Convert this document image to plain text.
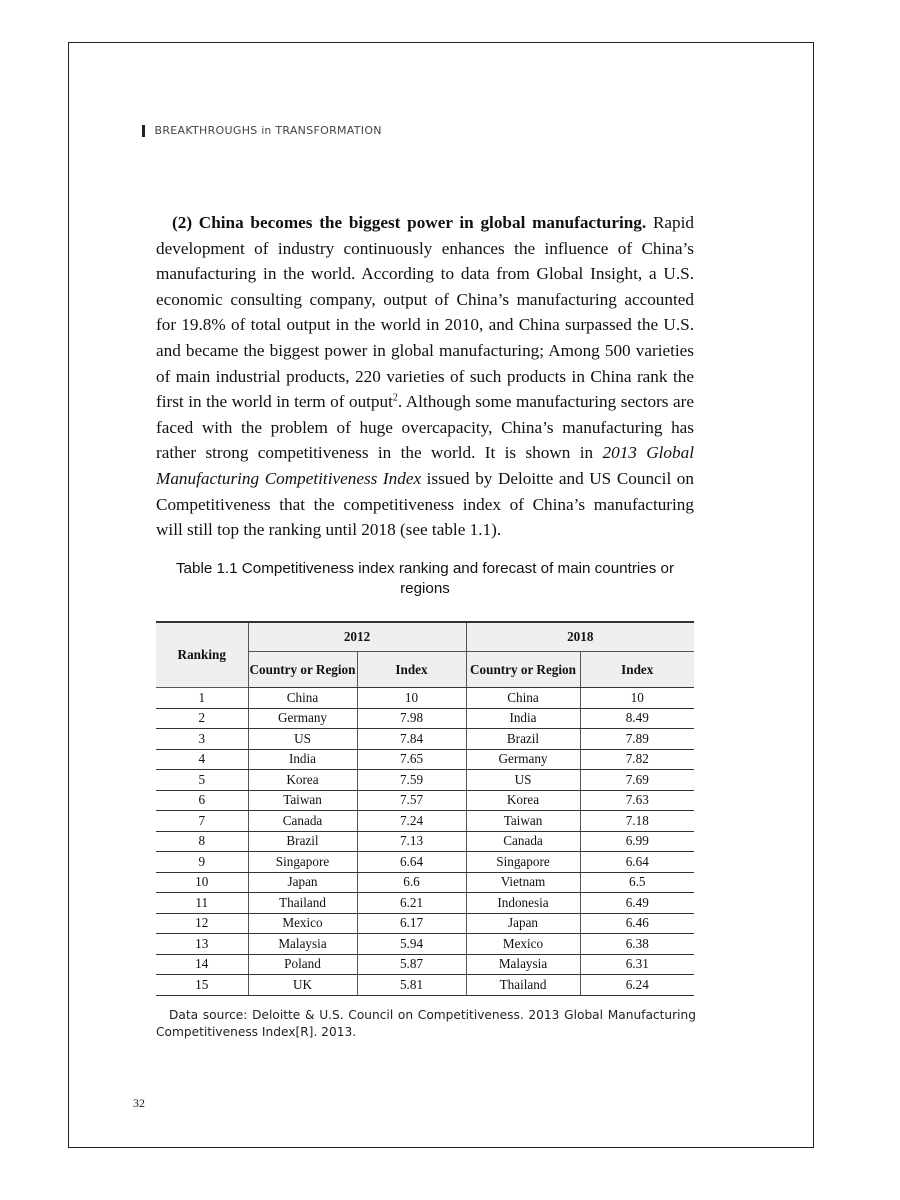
BREAKTHROUGHS
in
TRANSFORMATION

(2) China becomes the biggest power in global manufacturing. Rapid development of industry continuously enhances the influence of China’s manufacturing in the world. According to data from Global Insight, a U.S. economic consulting company, output of China’s manufacturing accounted for 19.8% of total output in the world in 2010, and China surpassed the U.S. and became the biggest power in global manufacturing; Among 500 varieties of main industrial products, 220 varieties of such products in China rank the first in the world in term of output$^2$. Although some manufacturing sectors are faced with the problem of huge overcapacity, China’s manufacturing has rather strong competitiveness in the world. It is shown in 2013 Global Manufacturing Competitiveness Index issued by Deloitte and US Council on Competitiveness that the competitiveness index of China’s manufacturing will still top the ranking until 2018 (see table 1.1).

Table 1.1 Competitiveness index ranking and forecast of main countries or
regions
Ranking	2012		2018	
	Country or Region	Index	Country or Region	Index
1	China	10	China	10
2	Germany	7.98	India	8.49
3	US	7.84	Brazil	7.89
4	India	7.65	Germany	7.82
5	Korea	7.59	US	7.69
6	Taiwan	7.57	Korea	7.63
7	Canada	7.24	Taiwan	7.18
8	Brazil	7.13	Canada	6.99
9	Singapore	6.64	Singapore	6.64
10	Japan	6.6	Vietnam	6.5
11	Thailand	6.21	Indonesia	6.49
12	Mexico	6.17	Japan	6.46
13	Malaysia	5.94	Mexico	6.38
14	Poland	5.87	Malaysia	6.31
15	UK	5.81	Thailand	6.24
Data source: Deloitte & U.S. Council on Competitiveness. 2013 Global Manufacturing Competitiveness Index[R]. 2013.
32
